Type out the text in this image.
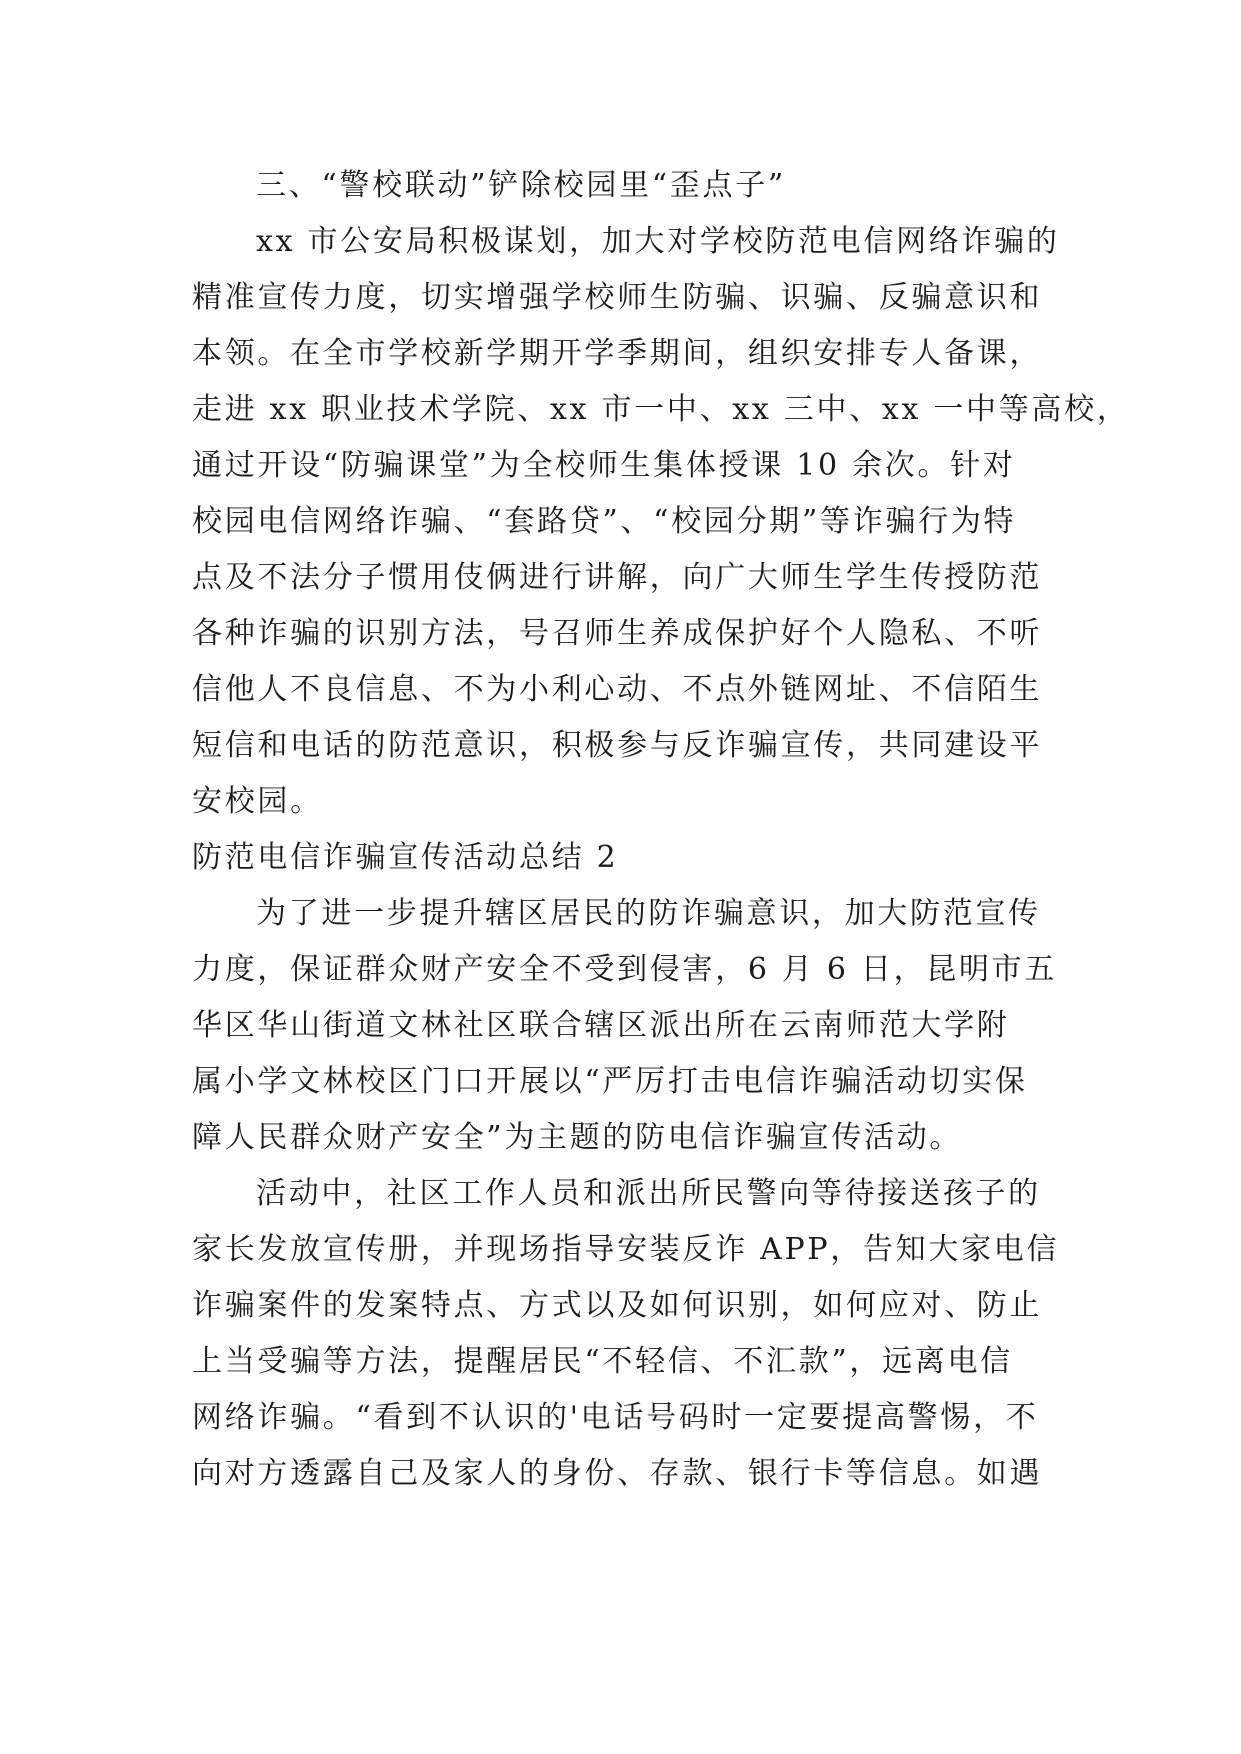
三、“警校联动”铲除校园里“歪点子”
xx 市公安局积极谋划，加大对学校防范电信网络诈骗的
精准宣传力度，切实增强学校师生防骗、识骗、反骗意识和
本领。在全市学校新学期开学季期间，组织安排专人备课，
走进 xx 职业技术学院、xx 市一中、xx 三中、xx 一中等高校，
通过开设“防骗课堂”为全校师生集体授课 10 余次。针对
校园电信网络诈骗、“套路贷”、“校园分期”等诈骗行为特
点及不法分子惯用伎俩进行讲解，向广大师生学生传授防范
各种诈骗的识别方法，号召师生养成保护好个人隐私、不听
信他人不良信息、不为小利心动、不点外链网址、不信陌生
短信和电话的防范意识，积极参与反诈骗宣传，共同建设平
安校园。
防范电信诈骗宣传活动总结 2
为了进一步提升辖区居民的防诈骗意识，加大防范宣传
力度，保证群众财产安全不受到侵害，6 月 6 日，昆明市五
华区华山街道文林社区联合辖区派出所在云南师范大学附
属小学文林校区门口开展以“严厉打击电信诈骗活动切实保
障人民群众财产安全”为主题的防电信诈骗宣传活动。
活动中，社区工作人员和派出所民警向等待接送孩子的
家长发放宣传册，并现场指导安装反诈 APP，告知大家电信
诈骗案件的发案特点、方式以及如何识别，如何应对、防止
上当受骗等方法，提醒居民“不轻信、不汇款”，远离电信
网络诈骗。“看到不认识的'电话号码时一定要提高警惕，不
向对方透露自己及家人的身份、存款、银行卡等信息。如遇
